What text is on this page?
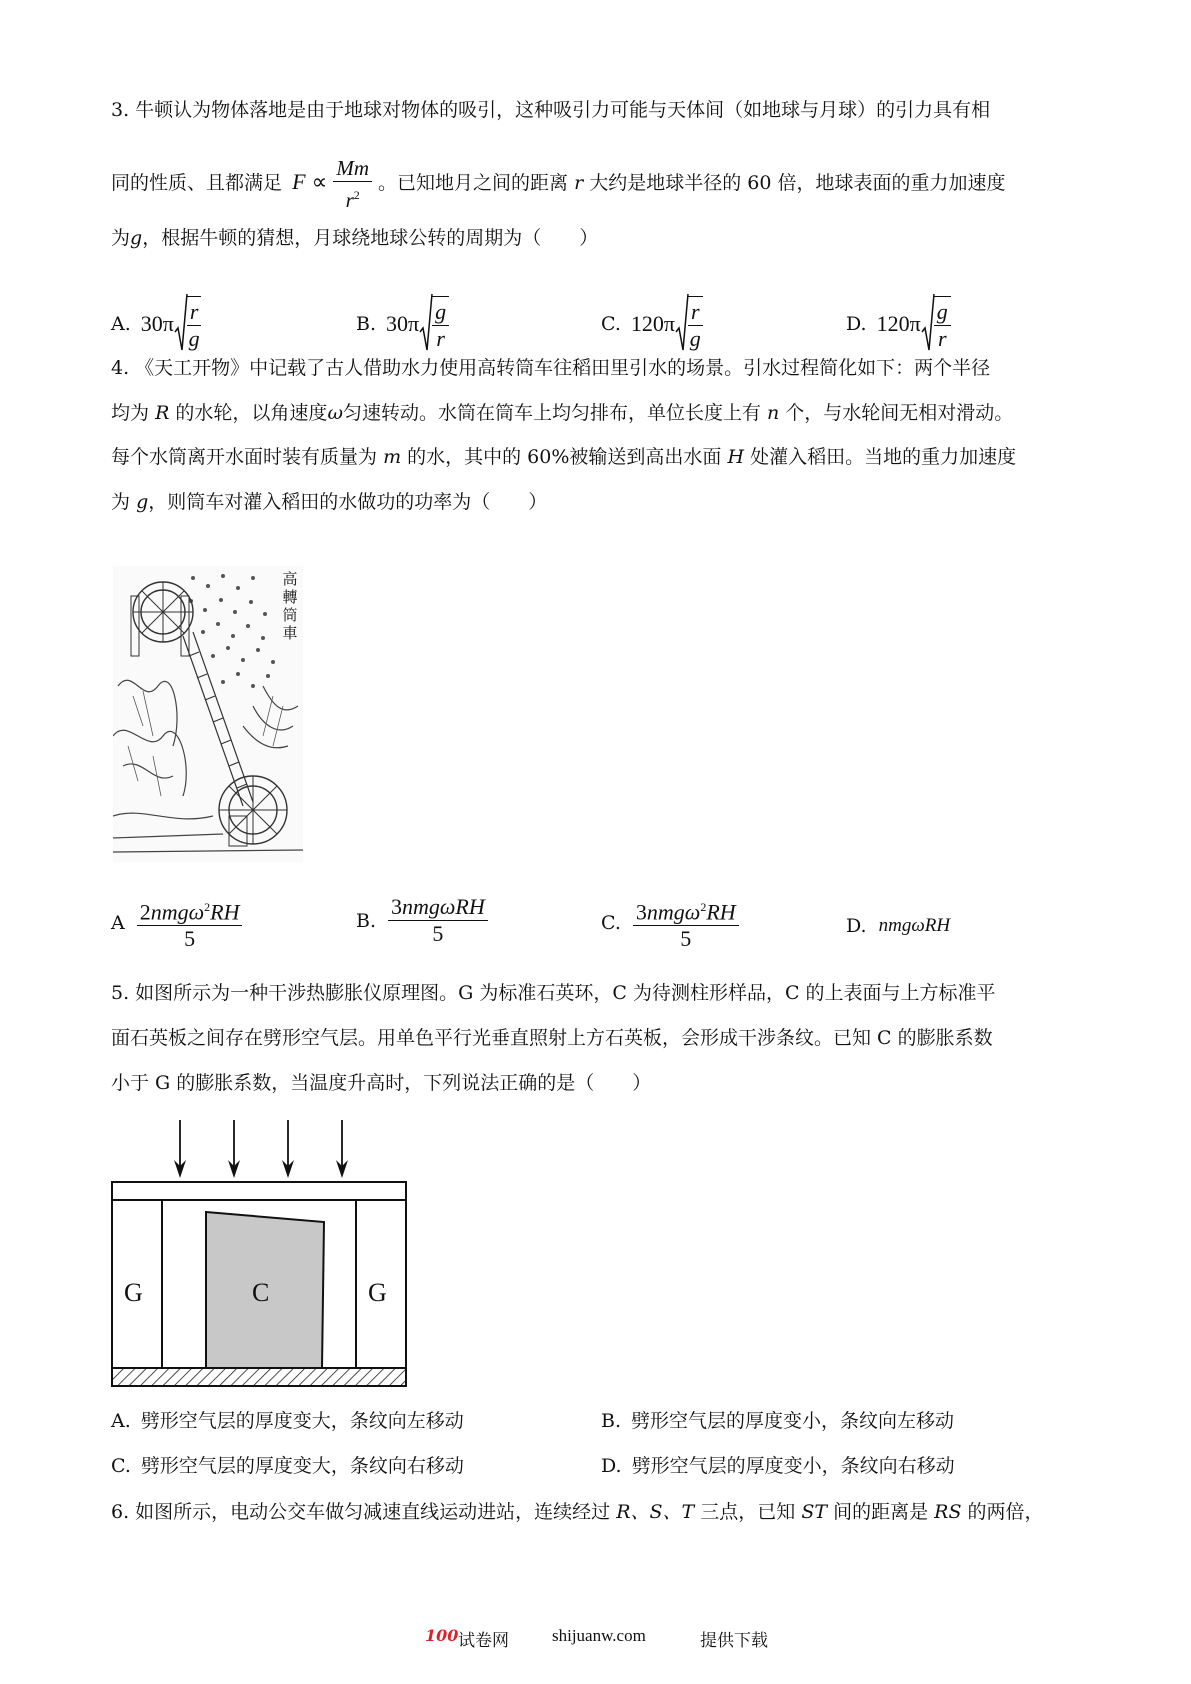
3. 牛顿认为物体落地是由于地球对物体的吸引，这种吸引力可能与天体间（如地球与月球）的引力具有相
同的性质、且都满足 $F \propto \frac{Mm}{r^2}$ 。已知地月之间的距离 r 大约是地球半径的 60 倍，地球表面的重力加速度
为g，根据牛顿的猜想，月球绕地球公转的周期为（　　）
A. $30\pi \frac{r}{g}$	B. $30\pi \frac{g}{r}$	C. $120\pi \frac{r}{g}$	D. $120\pi \frac{g}{r}$
4. 《天工开物》中记载了古人借助水力使用高转筒车往稻田里引水的场景。引水过程简化如下：两个半径
均为 R 的水轮，以角速度ω匀速转动。水筒在筒车上均匀排布，单位长度上有 n 个，与水轮间无相对滑动。
每个水筒离开水面时装有质量为 m 的水，其中的 60%被输送到高出水面 H 处灌入稻田。当地的重力加速度
为 g，则筒车对灌入稻田的水做功的功率为（　　）
高轉筒車
A $\frac{2nmg\omega^2RH}{5}$	B. $\frac{\text{3nmgωRH}}{5}$	C. $\frac{3nmg\omega^2RH}{5}$	D. nmgωRH
5. 如图所示为一种干涉热膨胀仪原理图。G 为标准石英环，C 为待测柱形样品，C 的上表面与上方标准平
面石英板之间存在劈形空气层。用单色平行光垂直照射上方石英板，会形成干涉条纹。已知 C 的膨胀系数
小于 G 的膨胀系数，当温度升高时，下列说法正确的是（　　）
G	C	G
A. 劈形空气层的厚度变大，条纹向左移动	B. 劈形空气层的厚度变小，条纹向左移动
C. 劈形空气层的厚度变大，条纹向右移动	D. 劈形空气层的厚度变小，条纹向右移动
6. 如图所示，电动公交车做匀减速直线运动进站，连续经过 R、S、T 三点，已知 ST 间的距离是 RS 的两倍，
100 试卷网	shijuanw.com	提供下载
